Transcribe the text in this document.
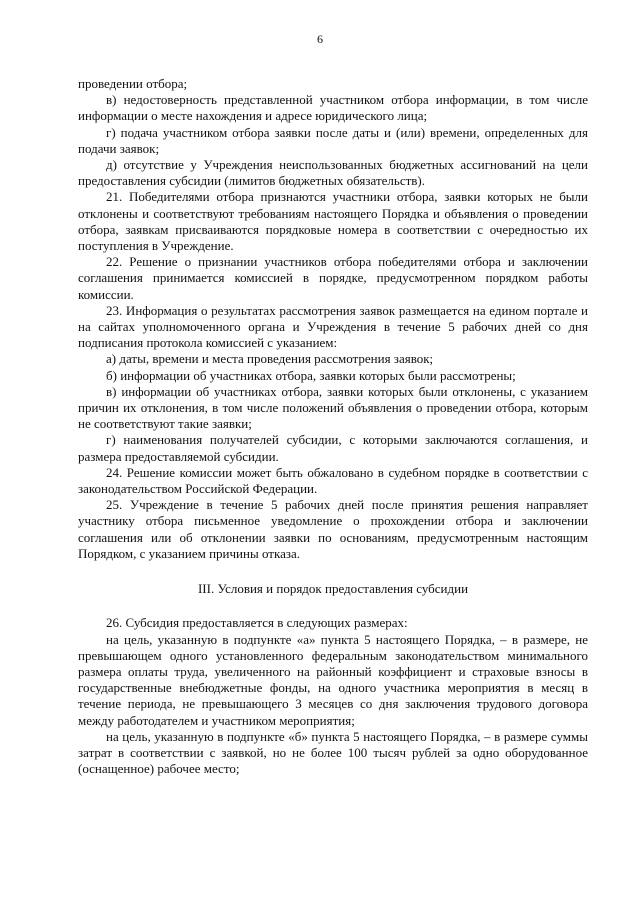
6

проведении отбора;

в) недостоверность представленной участником отбора информации, в том числе информации о месте нахождения и адресе юридического лица;

г) подача участником отбора заявки после даты и (или) времени, определенных для подачи заявок;

д) отсутствие у Учреждения неиспользованных бюджетных ассигнований на цели предоставления субсидии (лимитов бюджетных обязательств).

21. Победителями отбора признаются участники отбора, заявки которых не были отклонены и соответствуют требованиям настоящего Порядка и объявления о проведении отбора, заявкам присваиваются порядковые номера в соответствии с очередностью их поступления в Учреждение.

22. Решение о признании участников отбора победителями отбора и заключении соглашения принимается комиссией в порядке, предусмотренном порядком работы комиссии.

23. Информация о результатах рассмотрения заявок размещается на едином портале и на сайтах уполномоченного органа и Учреждения в течение 5 рабочих дней со дня подписания протокола комиссией с указанием:

а) даты, времени и места проведения рассмотрения заявок;

б) информации об участниках отбора, заявки которых были рассмотрены;

в) информации об участниках отбора, заявки которых были отклонены, с указанием причин их отклонения, в том числе положений объявления о проведении отбора, которым не соответствуют такие заявки;

г) наименования получателей субсидии, с которыми заключаются соглашения, и размера предоставляемой субсидии.

24. Решение комиссии может быть обжаловано в судебном порядке в соответствии с законодательством Российской Федерации.

25. Учреждение в течение 5 рабочих дней после принятия решения направляет участнику отбора письменное уведомление о прохождении отбора и заключении соглашения или об отклонении заявки по основаниям, предусмотренным настоящим Порядком, с указанием причины отказа.

III. Условия и порядок предоставления субсидии

26. Субсидия предоставляется в следующих размерах:

на цель, указанную в подпункте «а» пункта 5 настоящего Порядка, – в размере, не превышающем одного установленного федеральным законодательством минимального размера оплаты труда, увеличенного на районный коэффициент и страховые взносы в государственные внебюджетные фонды, на одного участника мероприятия в месяц в течение периода, не превышающего 3 месяцев со дня заключения трудового договора между работодателем и участником мероприятия;

на цель, указанную в подпункте «б» пункта 5 настоящего Порядка, – в размере суммы затрат в соответствии с заявкой, но не более 100 тысяч рублей за одно оборудованное (оснащенное) рабочее место;
